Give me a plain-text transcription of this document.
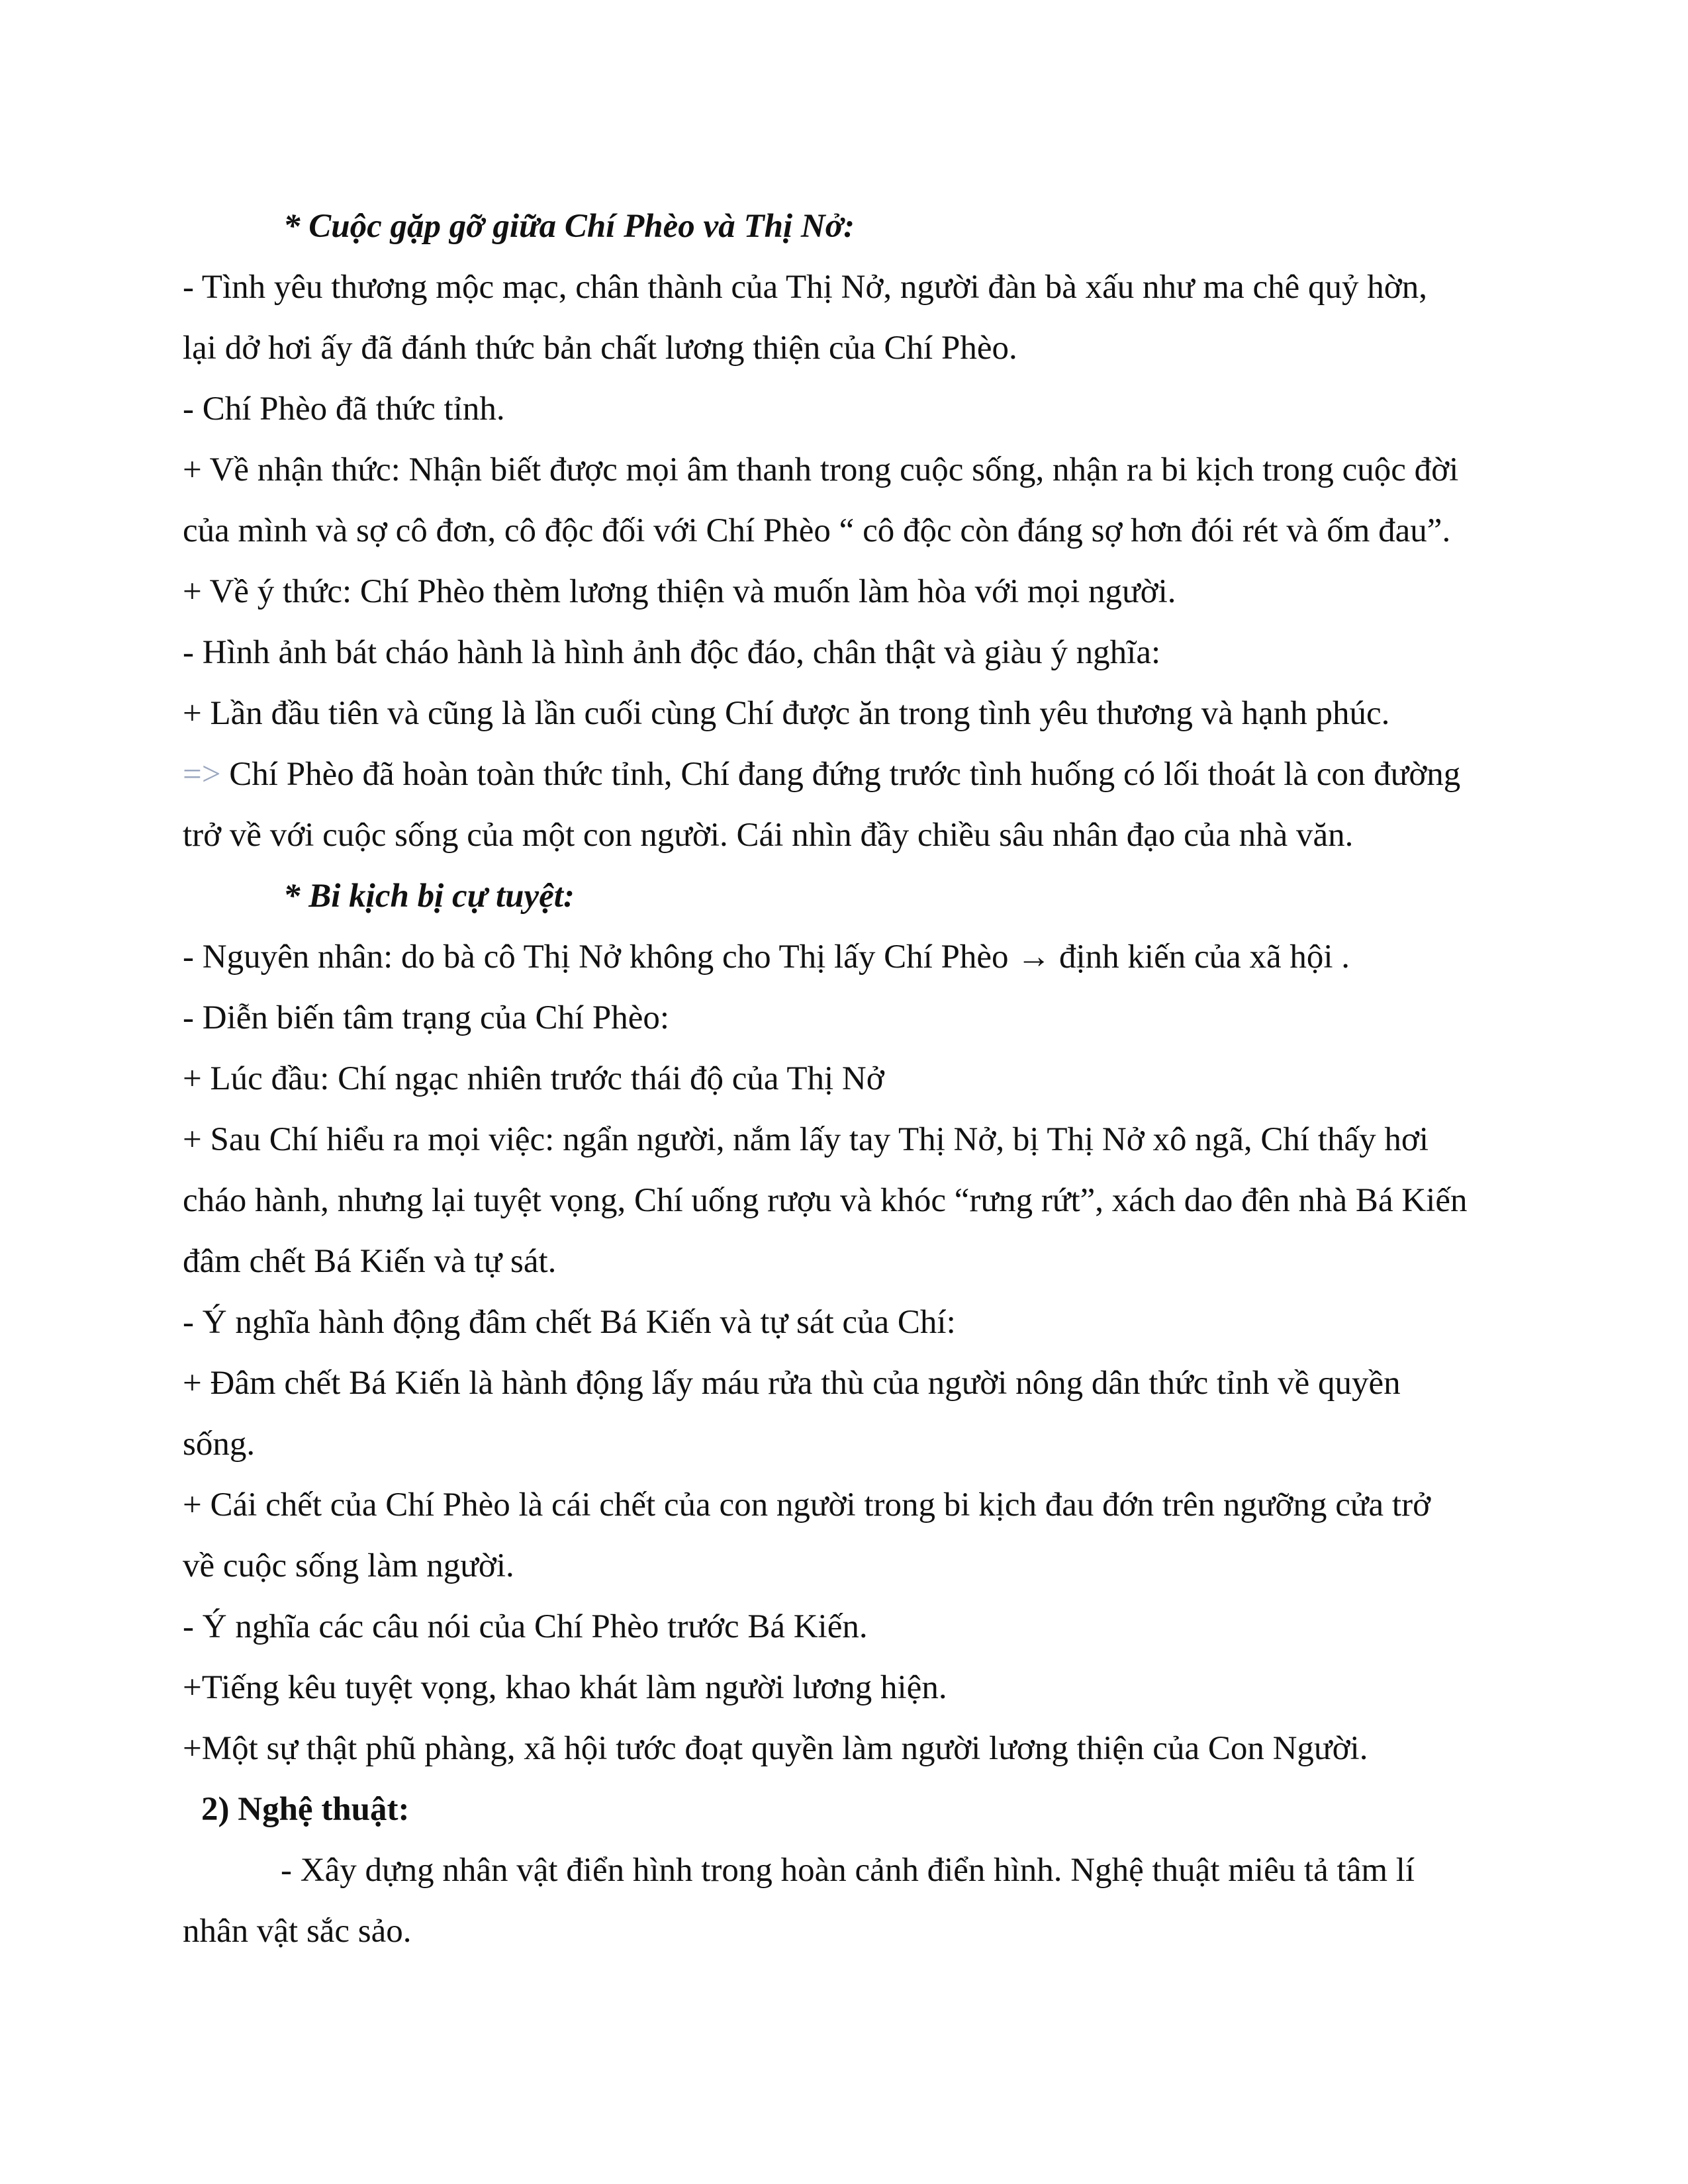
* Cuộc gặp gỡ giữa Chí Phèo và Thị Nở:
- Tình yêu thương mộc mạc, chân thành của Thị Nở, người đàn bà xấu như ma chê quỷ hờn,
lại dở hơi ấy đã đánh thức bản chất lương thiện của Chí Phèo.
- Chí Phèo đã thức tỉnh.
+ Về nhận thức: Nhận biết được mọi âm thanh trong cuộc sống, nhận ra bi kịch trong cuộc đời
của mình và sợ cô đơn, cô độc đối với Chí Phèo “ cô độc còn đáng sợ hơn đói rét và ốm đau”.
+ Về ý thức: Chí Phèo thèm lương thiện và muốn làm hòa với mọi người.
- Hình ảnh bát cháo hành là hình ảnh độc đáo, chân thật và giàu ý nghĩa:
+ Lần đầu tiên và cũng là lần cuối cùng Chí được ăn trong tình yêu thương và hạnh phúc.
=> Chí Phèo đã hoàn toàn thức tỉnh, Chí đang đứng trước tình huống có lối thoát là con đường
trở về với cuộc sống của một con người. Cái nhìn đầy chiều sâu nhân đạo của nhà văn.
* Bi kịch bị cự tuyệt:
- Nguyên nhân: do bà cô Thị Nở không cho Thị lấy Chí Phèo → định kiến của xã hội .
- Diễn biến tâm trạng của Chí Phèo:
+ Lúc đầu: Chí ngạc nhiên trước thái độ của Thị Nở
+ Sau Chí hiểu ra mọi việc: ngẩn người, nắm lấy tay Thị Nở, bị Thị Nở xô ngã, Chí thấy hơi
cháo hành, nhưng lại tuyệt vọng, Chí uống rượu và khóc “rưng rứt”, xách dao đên nhà Bá Kiến
đâm chết Bá Kiến và tự sát.
- Ý nghĩa hành động đâm chết Bá Kiến và tự sát của Chí:
+ Đâm chết Bá Kiến là hành động lấy máu rửa thù của người nông dân thức tỉnh về quyền
sống.
+ Cái chết của Chí Phèo là cái chết của con người trong bi kịch đau đớn trên ngưỡng cửa trở
về cuộc sống làm người.
- Ý nghĩa các câu nói của Chí Phèo trước Bá Kiến.
+Tiếng kêu tuyệt vọng, khao khát làm người lương hiện.
+Một sự thật phũ phàng, xã hội tước đoạt quyền làm người lương thiện của Con Người.
2) Nghệ thuật:
- Xây dựng nhân vật điển hình trong hoàn cảnh điển hình. Nghệ thuật miêu tả tâm lí
nhân vật sắc sảo.
